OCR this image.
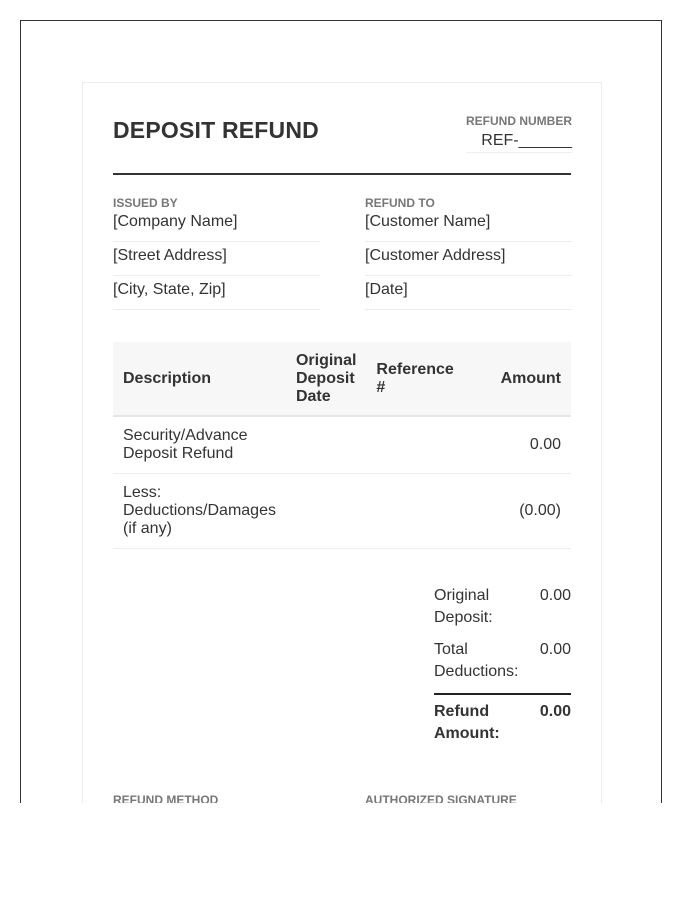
DEPOSIT REFUND	REFUND NUMBER
REF-______
ISSUED BY
[Company Name]
[Street Address]
[City, State, Zip]
REFUND TO
[Customer Name]
[Customer Address]
[Date]
Description	Original Deposit Date	Reference #	Amount
Security/Advance Deposit Refund			0.00
Less: Deductions/Damages (if any)			(0.00)
Original Deposit:
0.00
Total Deductions:
0.00
Refund Amount:
0.00
REFUND METHOD	AUTHORIZED SIGNATURE
